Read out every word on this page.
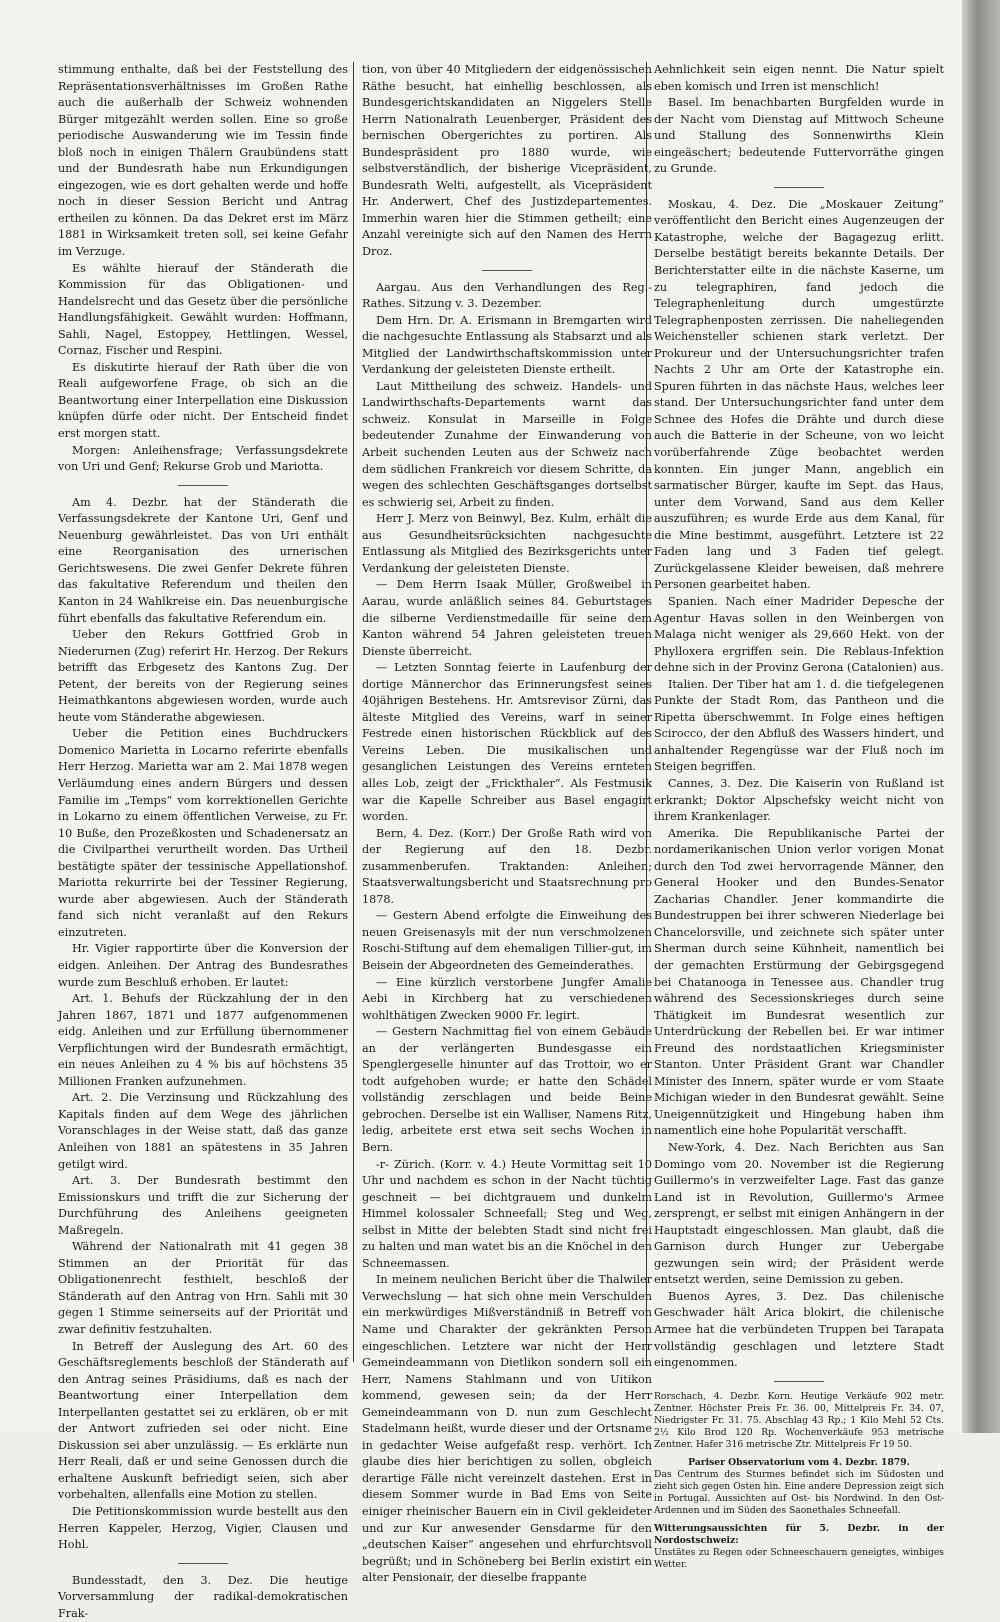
stimmung enthalte, daß bei der Feststellung des Repräsentationsverhältnisses im Großen Rathe auch die außerhalb der Schweiz wohnenden Bürger mitgezählt werden sollen. Eine so große periodische Auswanderung wie im Tessin finde bloß noch in einigen Thälern Graubündens statt und der Bundesrath habe nun Erkundigungen eingezogen, wie es dort gehalten werde und hoffe noch in dieser Session Bericht und Antrag ertheilen zu können. Da das Dekret erst im März 1881 in Wirksamkeit treten soll, sei keine Gefahr im Verzuge.

Es wählte hierauf der Ständerath die Kommission für das Obligationen- und Handelsrecht und das Gesetz über die persönliche Handlungsfähigkeit. Gewählt wurden: Hoffmann, Sahli, Nagel, Estoppey, Hettlingen, Wessel, Cornaz, Fischer und Respini.

Es diskutirte hierauf der Rath über die von Reali aufgeworfene Frage, ob sich an die Beantwortung einer Interpellation eine Diskussion knüpfen dürfe oder nicht. Der Entscheid findet erst morgen statt.

Morgen: Anleihensfrage; Verfassungsdekrete von Uri und Genf; Rekurse Grob und Mariotta.

Am 4. Dezbr. hat der Ständerath die Verfassungsdekrete der Kantone Uri, Genf und Neuenburg gewährleistet. Das von Uri enthält eine Reorganisation des urnerischen Gerichtswesens. Die zwei Genfer Dekrete führen das fakultative Referendum und theilen den Kanton in 24 Wahlkreise ein. Das neuenburgische führt ebenfalls das fakultative Referendum ein.

Ueber den Rekurs Gottfried Grob in Niederurnen (Zug) referirt Hr. Herzog. Der Rekurs betrifft das Erbgesetz des Kantons Zug. Der Petent, der bereits von der Regierung seines Heimathkantons abgewiesen worden, wurde auch heute vom Ständerathe abgewiesen.

Ueber die Petition eines Buchdruckers Domenico Marietta in Locarno referirte ebenfalls Herr Herzog. Marietta war am 2. Mai 1878 wegen Verläumdung eines andern Bürgers und dessen Familie im „Temps“ vom korrektionellen Gerichte in Lokarno zu einem öffentlichen Verweise, zu Fr. 10 Buße, den Prozeßkosten und Schadenersatz an die Civilparthei verurtheilt worden. Das Urtheil bestätigte später der tessinische Appellationshof. Mariotta rekurrirte bei der Tessiner Regierung, wurde aber abgewiesen. Auch der Ständerath fand sich nicht veranlaßt auf den Rekurs einzutreten.

Hr. Vigier rapportirte über die Konversion der eidgen. Anleihen. Der Antrag des Bundesrathes wurde zum Beschluß erhoben. Er lautet:

Art. 1. Behufs der Rückzahlung der in den Jahren 1867, 1871 und 1877 aufgenommenen eidg. Anleihen und zur Erfüllung übernommener Verpflichtungen wird der Bundesrath ermächtigt, ein neues Anleihen zu 4 % bis auf höchstens 35 Millionen Franken aufzunehmen.

Art. 2. Die Verzinsung und Rückzahlung des Kapitals finden auf dem Wege des jährlichen Voranschlages in der Weise statt, daß das ganze Anleihen von 1881 an spätestens in 35 Jahren getilgt wird.

Art. 3. Der Bundesrath bestimmt den Emissionskurs und trifft die zur Sicherung der Durchführung des Anleihens geeigneten Maßregeln.

Während der Nationalrath mit 41 gegen 38 Stimmen an der Priorität für das Obligationenrecht festhielt, beschloß der Ständerath auf den Antrag von Hrn. Sahli mit 30 gegen 1 Stimme seinerseits auf der Priorität und zwar definitiv festzuhalten.

In Betreff der Auslegung des Art. 60 des Geschäftsreglements beschloß der Ständerath auf den Antrag seines Präsidiums, daß es nach der Beantwortung einer Interpellation dem Interpellanten gestattet sei zu erklären, ob er mit der Antwort zufrieden sei oder nicht. Eine Diskussion sei aber unzulässig. — Es erklärte nun Herr Reali, daß er und seine Genossen durch die erhaltene Auskunft befriedigt seien, sich aber vorbehalten, allenfalls eine Motion zu stellen.

Die Petitionskommission wurde bestellt aus den Herren Kappeler, Herzog, Vigier, Clausen und Hohl.

Bundesstadt, den 3. Dez. Die heutige Vorversammlung der radikal-demokratischen Frak-

tion, von über 40 Mitgliedern der eidgenössischen Räthe besucht, hat einhellig beschlossen, als Bundesgerichtskandidaten an Niggelers Stelle Herrn Nationalrath Leuenberger, Präsident des bernischen Obergerichtes zu portiren. Als Bundespräsident pro 1880 wurde, wie selbstverständlich, der bisherige Vicepräsident, Bundesrath Welti, aufgestellt, als Vicepräsident Hr. Anderwert, Chef des Justizdepartementes. Immerhin waren hier die Stimmen getheilt; eine Anzahl vereinigte sich auf den Namen des Herrn Droz.

Aargau. Aus den Verhandlungen des Reg.-Rathes. Sitzung v. 3. Dezember.

Dem Hrn. Dr. A. Erismann in Bremgarten wird die nachgesuchte Entlassung als Stabsarzt und als Mitglied der Landwirthschaftskommission unter Verdankung der geleisteten Dienste ertheilt.

Laut Mittheilung des schweiz. Handels- und Landwirthschafts-Departements warnt das schweiz. Konsulat in Marseille in Folge bedeutender Zunahme der Einwanderung von Arbeit suchenden Leuten aus der Schweiz nach dem südlichen Frankreich vor diesem Schritte, da wegen des schlechten Geschäftsganges dortselbst es schwierig sei, Arbeit zu finden.

Herr J. Merz von Beinwyl, Bez. Kulm, erhält die aus Gesundheitsrücksichten nachgesuchte Entlassung als Mitglied des Bezirksgerichts unter Verdankung der geleisteten Dienste.

— Dem Herrn Isaak Müller, Großweibel in Aarau, wurde anläßlich seines 84. Geburtstages die silberne Verdienstmedaille für seine dem Kanton während 54 Jahren geleisteten treuen Dienste überreicht.

— Letzten Sonntag feierte in Laufenburg der dortige Männerchor das Erinnerungsfest seines 40jährigen Bestehens. Hr. Amtsrevisor Zürni, das älteste Mitglied des Vereins, warf in seiner Festrede einen historischen Rückblick auf des Vereins Leben. Die musikalischen und gesanglichen Leistungen des Vereins ernteten alles Lob, zeigt der „Frickthaler“. Als Festmusik war die Kapelle Schreiber aus Basel engagirt worden.

Bern, 4. Dez. (Korr.) Der Große Rath wird von der Regierung auf den 18. Dezbr. zusammenberufen. Traktanden: Anleihen; Staatsverwaltungsbericht und Staatsrechnung pro 1878.

— Gestern Abend erfolgte die Einweihung des neuen Greisenasyls mit der nun verschmolzenen Roschi-Stiftung auf dem ehemaligen Tillier-gut, im Beisein der Abgeordneten des Gemeinderathes.

— Eine kürzlich verstorbene Jungfer Amalie Aebi in Kirchberg hat zu verschiedenen wohlthätigen Zwecken 9000 Fr. legirt.

— Gestern Nachmittag fiel von einem Gebäude an der verlängerten Bundesgasse ein Spenglergeselle hinunter auf das Trottoir, wo er todt aufgehoben wurde; er hatte den Schädel vollständig zerschlagen und beide Beine gebrochen. Derselbe ist ein Walliser, Namens Ritz, ledig, arbeitete erst etwa seit sechs Wochen in Bern.

-r- Zürich. (Korr. v. 4.) Heute Vormittag seit 10 Uhr und nachdem es schon in der Nacht tüchtig geschneit — bei dichtgrauem und dunkelm Himmel kolossaler Schneefall; Steg und Weg, selbst in Mitte der belebten Stadt sind nicht frei zu halten und man watet bis an die Knöchel in den Schneemassen.

In meinem neulichen Bericht über die Thalwiler Verwechslung — hat sich ohne mein Verschulden ein merkwürdiges Mißverständniß in Betreff von Name und Charakter der gekränkten Person eingeschlichen. Letztere war nicht der Herr Gemeindeammann von Dietlikon sondern soll ein Herr, Namens Stahlmann und von Uitikon kommend, gewesen sein; da der Herr Gemeindeammann von D. nun zum Geschlecht Stadelmann heißt, wurde dieser und der Ortsname in gedachter Weise aufgefaßt resp. verhört. Ich glaube dies hier berichtigen zu sollen, obgleich derartige Fälle nicht vereinzelt dastehen. Erst in diesem Sommer wurde in Bad Ems von Seite einiger rheinischer Bauern ein in Civil gekleideter und zur Kur anwesender Gensdarme für den „deutschen Kaiser“ angesehen und ehrfurchtsvoll begrüßt; und in Schöneberg bei Berlin existirt ein alter Pensionair, der dieselbe frappante

Aehnlichkeit sein eigen nennt. Die Natur spielt eben komisch und Irren ist menschlich!

Basel. Im benachbarten Burgfelden wurde in der Nacht vom Dienstag auf Mittwoch Scheune und Stallung des Sonnenwirths Klein eingeäschert; bedeutende Futtervorräthe gingen zu Grunde.

Moskau, 4. Dez. Die „Moskauer Zeitung“ veröffentlicht den Bericht eines Augenzeugen der Katastrophe, welche der Bagagezug erlitt. Derselbe bestätigt bereits bekannte Details. Der Berichterstatter eilte in die nächste Kaserne, um zu telegraphiren, fand jedoch die Telegraphenleitung durch umgestürzte Telegraphenposten zerrissen. Die naheliegenden Weichensteller schienen stark verletzt. Der Prokureur und der Untersuchungsrichter trafen Nachts 2 Uhr am Orte der Katastrophe ein. Spuren führten in das nächste Haus, welches leer stand. Der Untersuchungsrichter fand unter dem Schnee des Hofes die Drähte und durch diese auch die Batterie in der Scheune, von wo leicht vorüberfahrende Züge beobachtet werden konnten. Ein junger Mann, angeblich ein sarmatischer Bürger, kaufte im Sept. das Haus, unter dem Vorwand, Sand aus dem Keller auszuführen; es wurde Erde aus dem Kanal, für die Mine bestimmt, ausgeführt. Letztere ist 22 Faden lang und 3 Faden tief gelegt. Zurückgelassene Kleider beweisen, daß mehrere Personen gearbeitet haben.

Spanien. Nach einer Madrider Depesche der Agentur Havas sollen in den Weinbergen von Malaga nicht weniger als 29,660 Hekt. von der Phylloxera ergriffen sein. Die Reblaus-Infektion dehne sich in der Provinz Gerona (Catalonien) aus.

Italien. Der Tiber hat am 1. d. die tiefgelegenen Punkte der Stadt Rom, das Pantheon und die Ripetta überschwemmt. In Folge eines heftigen Scirocco, der den Abfluß des Wassers hindert, und anhaltender Regengüsse war der Fluß noch im Steigen begriffen.

Cannes, 3. Dez. Die Kaiserin von Rußland ist erkrankt; Doktor Alpschefsky weicht nicht von ihrem Krankenlager.

Amerika. Die Republikanische Partei der nordamerikanischen Union verlor vorigen Monat durch den Tod zwei hervorragende Männer, den General Hooker und den Bundes-Senator Zacharias Chandler. Jener kommandirte die Bundestruppen bei ihrer schweren Niederlage bei Chancelorsville, und zeichnete sich später unter Sherman durch seine Kühnheit, namentlich bei der gemachten Erstürmung der Gebirgsgegend bei Chatanooga in Tenessee aus. Chandler trug während des Secessionskrieges durch seine Thätigkeit im Bundesrat wesentlich zur Unterdrückung der Rebellen bei. Er war intimer Freund des nordstaatlichen Kriegsminister Stanton. Unter Präsident Grant war Chandler Minister des Innern, später wurde er vom Staate Michigan wieder in den Bundesrat gewählt. Seine Uneigennützigkeit und Hingebung haben ihm namentlich eine hohe Popularität verschafft.

New-York, 4. Dez. Nach Berichten aus San Domingo vom 20. November ist die Regierung Guillermo's in verzweifelter Lage. Fast das ganze Land ist in Revolution, Guillermo's Armee zersprengt, er selbst mit einigen Anhängern in der Hauptstadt eingeschlossen. Man glaubt, daß die Garnison durch Hunger zur Uebergabe gezwungen sein wird; der Präsident werde entsetzt werden, seine Demission zu geben.

Buenos Ayres, 3. Dez. Das chilenische Geschwader hält Arica blokirt, die chilenische Armee hat die verbündeten Truppen bei Tarapata vollständig geschlagen und letztere Stadt eingenommen.

Rorschach, 4. Dezbr. Korn. Heutige Verkäufe 902 metr. Zentner. Höchster Preis Fr. 36. 00, Mittelpreis Fr. 34. 07, Niedrigster Fr. 31. 75. Abschlag 43 Rp.; 1 Kilo Mehl 52 Cts. 2½ Kilo Brod 120 Rp. Wochenverkäufe 953 metrische Zentner. Hafer 316 metrische Ztr. Mittelpreis Fr 19 50.

Pariser Observatorium vom 4. Dezbr. 1879.

Das Centrum des Sturmes befindet sich im Südosten und zieht sich gegen Osten hin. Eine andere Depression zeigt sich in Portugal. Aussichten auf Ost- bis Nordwind. In den Ost-Ardennen und im Süden des Saonethales Schneefall.

Witterungsaussichten für 5. Dezbr. in der Nordostschweiz:

Unstätes zu Regen oder Schneeschauern geneigtes, winbiges Wetter.
